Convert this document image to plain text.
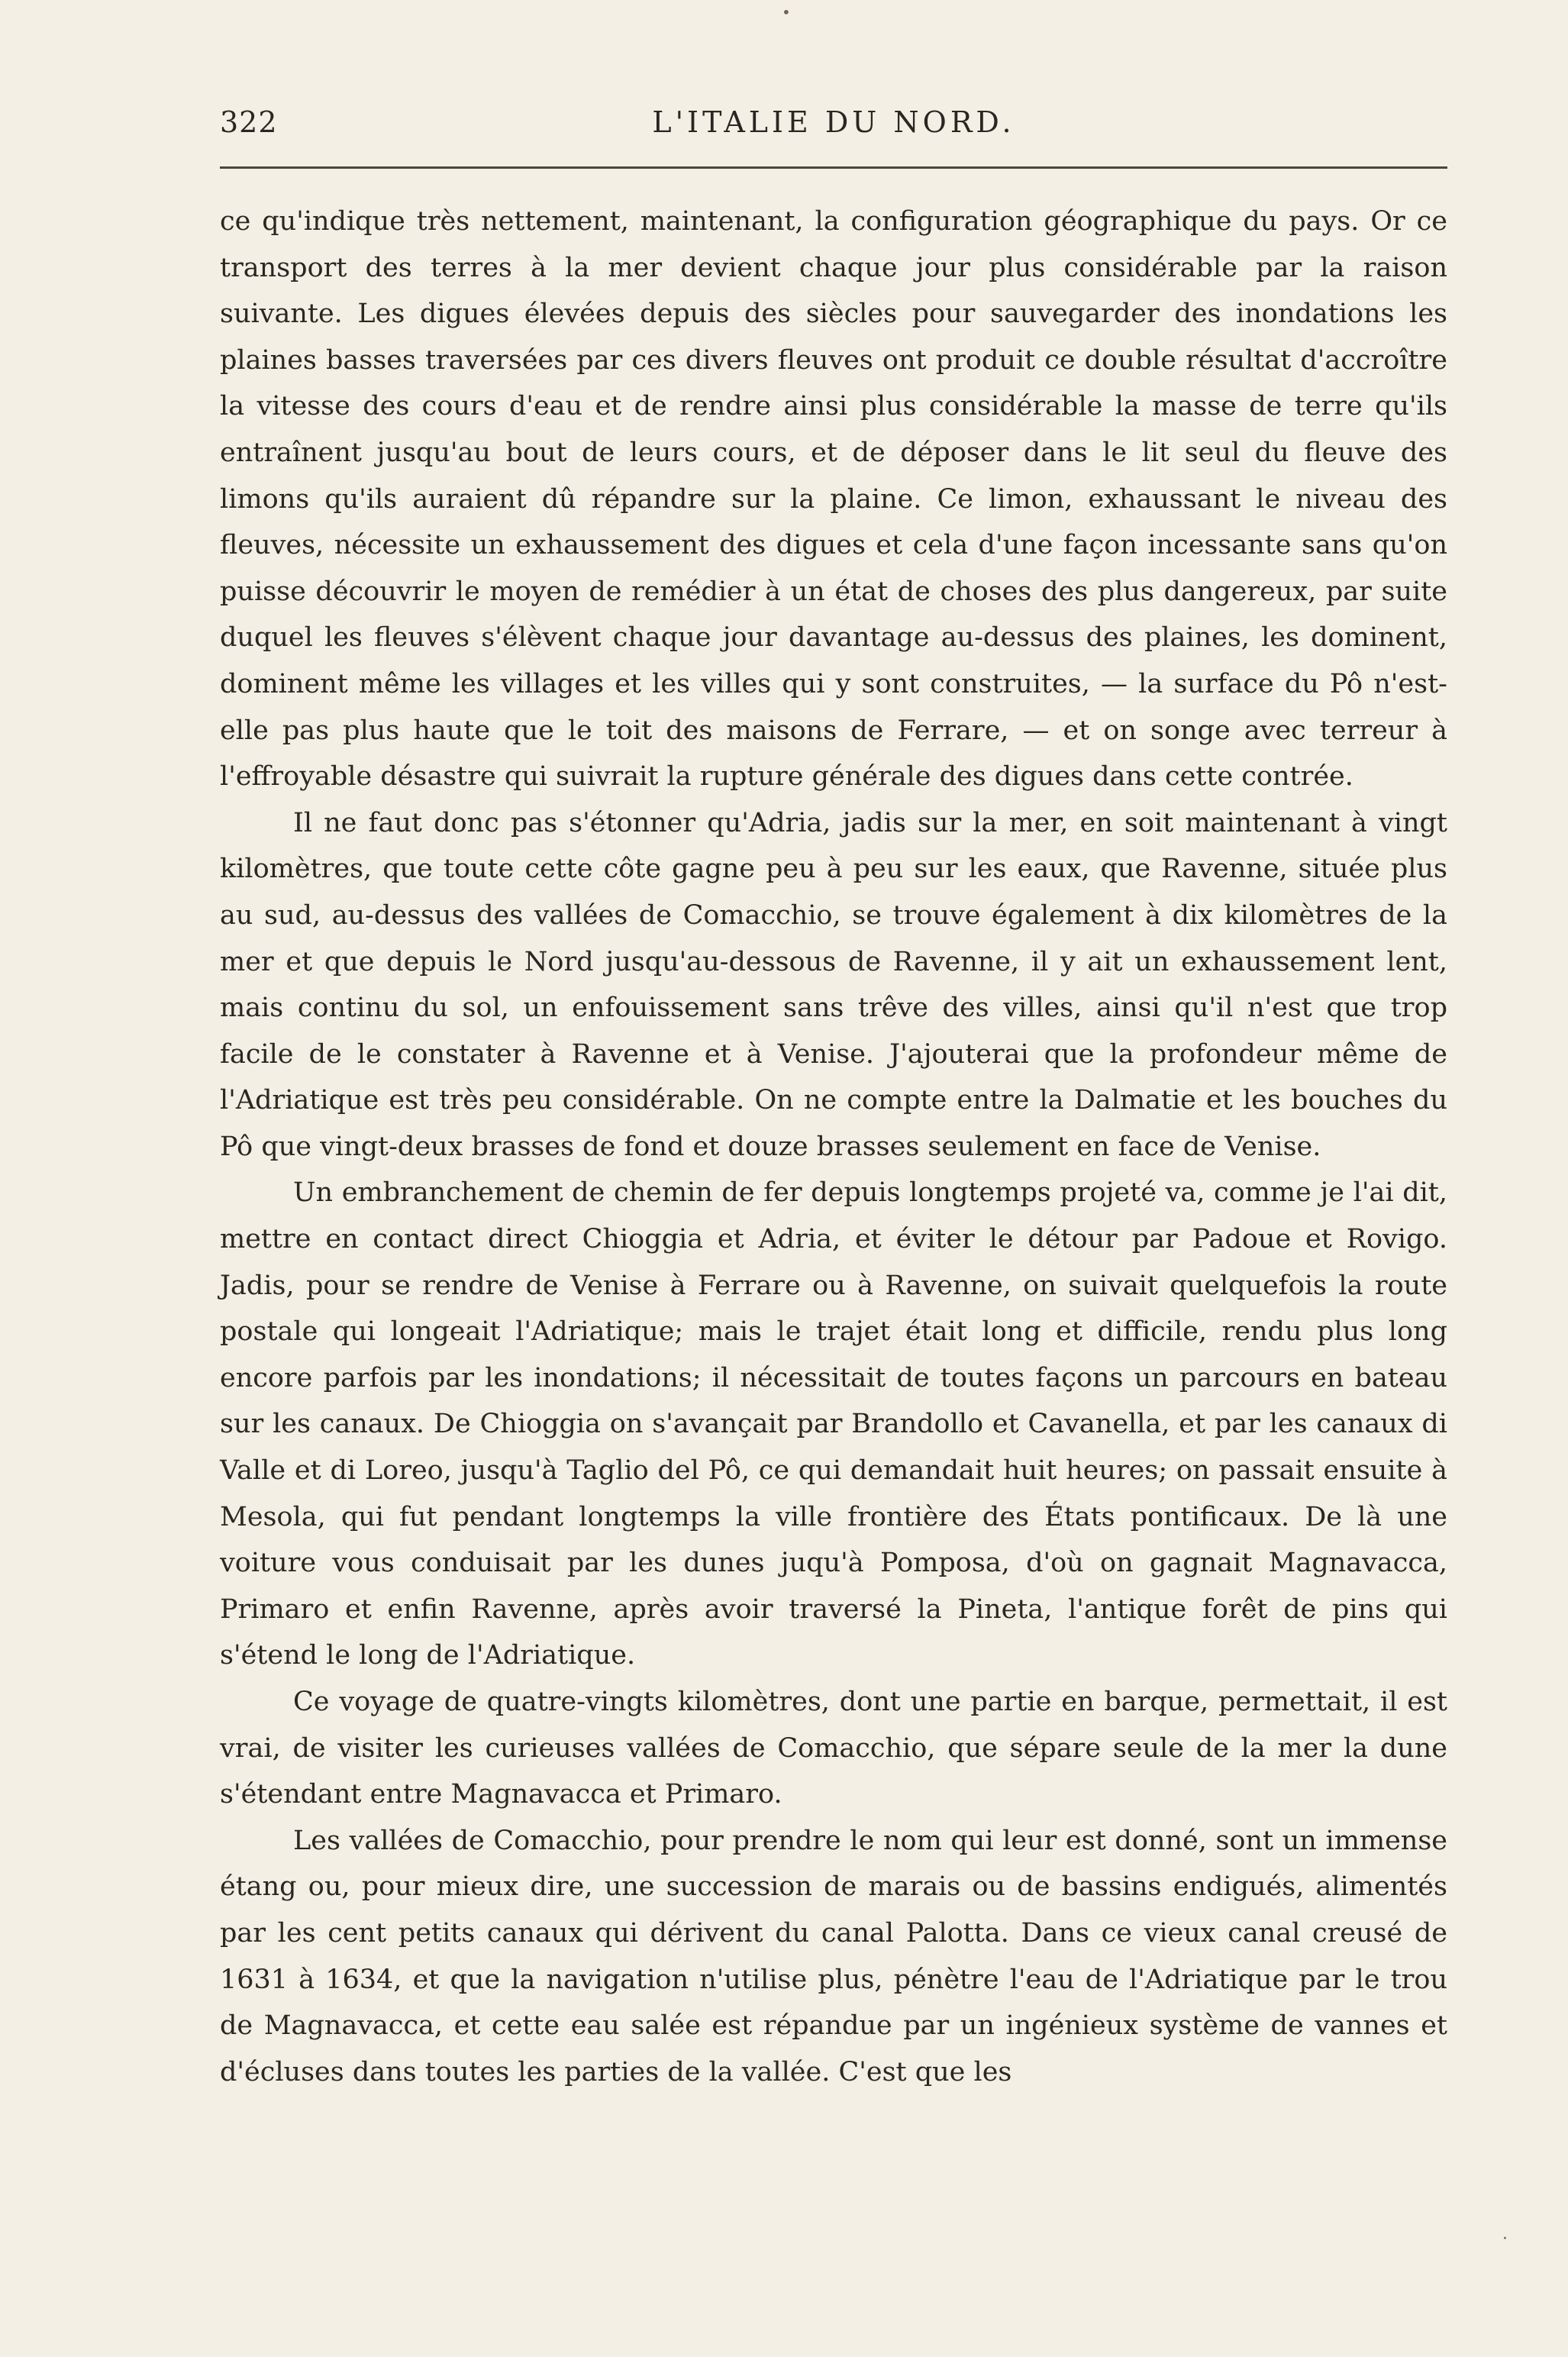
•
322	L'ITALIE DU NORD.

ce qu'indique très nettement, maintenant, la configuration géographique du pays. Or ce transport des terres à la mer devient chaque jour plus considérable par la raison suivante. Les digues élevées depuis des siècles pour sauvegarder des inondations les plaines basses traversées par ces divers fleuves ont produit ce double résultat d'accroître la vitesse des cours d'eau et de rendre ainsi plus considérable la masse de terre qu'ils entraînent jusqu'au bout de leurs cours, et de déposer dans le lit seul du fleuve des limons qu'ils auraient dû répandre sur la plaine. Ce limon, exhaussant le niveau des fleuves, nécessite un exhaussement des digues et cela d'une façon incessante sans qu'on puisse découvrir le moyen de remédier à un état de choses des plus dangereux, par suite duquel les fleuves s'élèvent chaque jour davantage au-dessus des plaines, les dominent, dominent même les villages et les villes qui y sont construites, — la surface du Pô n'est-elle pas plus haute que le toit des maisons de Ferrare, — et on songe avec terreur à l'effroyable désastre qui suivrait la rupture générale des digues dans cette contrée.

Il ne faut donc pas s'étonner qu'Adria, jadis sur la mer, en soit maintenant à vingt kilomètres, que toute cette côte gagne peu à peu sur les eaux, que Ravenne, située plus au sud, au-dessus des vallées de Comacchio, se trouve également à dix kilomètres de la mer et que depuis le Nord jusqu'au-dessous de Ravenne, il y ait un exhaussement lent, mais continu du sol, un enfouissement sans trêve des villes, ainsi qu'il n'est que trop facile de le constater à Ravenne et à Venise. J'ajouterai que la profondeur même de l'Adriatique est très peu considérable. On ne compte entre la Dalmatie et les bouches du Pô que vingt-deux brasses de fond et douze brasses seulement en face de Venise.

Un embranchement de chemin de fer depuis longtemps projeté va, comme je l'ai dit, mettre en contact direct Chioggia et Adria, et éviter le détour par Padoue et Rovigo. Jadis, pour se rendre de Venise à Ferrare ou à Ravenne, on suivait quelquefois la route postale qui longeait l'Adriatique; mais le trajet était long et difficile, rendu plus long encore parfois par les inondations; il nécessitait de toutes façons un parcours en bateau sur les canaux. De Chioggia on s'avançait par Brandollo et Cavanella, et par les canaux di Valle et di Loreo, jusqu'à Taglio del Pô, ce qui demandait huit heures; on passait ensuite à Mesola, qui fut pendant longtemps la ville frontière des États pontificaux. De là une voiture vous conduisait par les dunes juqu'à Pomposa, d'où on gagnait Magnavacca, Primaro et enfin Ravenne, après avoir traversé la Pineta, l'antique forêt de pins qui s'étend le long de l'Adriatique.

Ce voyage de quatre-vingts kilomètres, dont une partie en barque, permettait, il est vrai, de visiter les curieuses vallées de Comacchio, que sépare seule de la mer la dune s'étendant entre Magnavacca et Primaro.

Les vallées de Comacchio, pour prendre le nom qui leur est donné, sont un immense étang ou, pour mieux dire, une succession de marais ou de bassins endigués, alimentés par les cent petits canaux qui dérivent du canal Palotta. Dans ce vieux canal creusé de 1631 à 1634, et que la navigation n'utilise plus, pénètre l'eau de l'Adriatique par le trou de Magnavacca, et cette eau salée est répandue par un ingénieux système de vannes et d'écluses dans toutes les parties de la vallée. C'est que les

·
